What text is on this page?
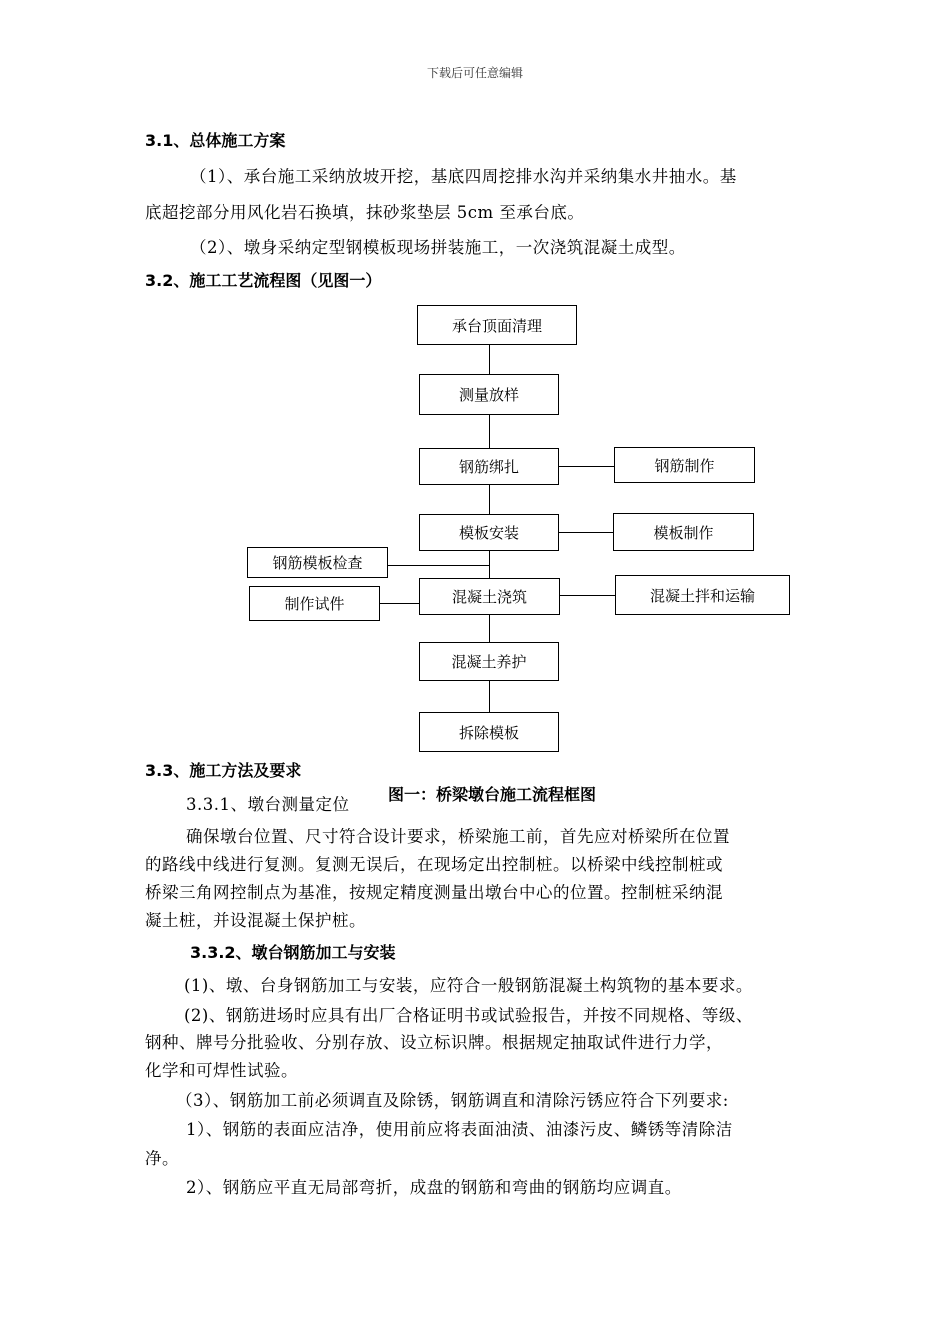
下载后可任意编辑
3.1、总体施工方案
（1）、承台施工采纳放坡开挖，基底四周挖排水沟并采纳集水井抽水。基
底超挖部分用风化岩石换填，抹砂浆垫层 5cm 至承台底。
（2）、墩身采纳定型钢模板现场拼装施工，一次浇筑混凝土成型。
3.2、施工工艺流程图（见图一）
承台顶面清理
测量放样
钢筋绑扎
模板安装
混凝土浇筑
混凝土养护
拆除模板
钢筋制作
模板制作
混凝土拌和运输
钢筋模板检查
制作试件
3.3、施工方法及要求
图一：桥梁墩台施工流程框图
3.3.1、墩台测量定位
确保墩台位置、尺寸符合设计要求，桥梁施工前，首先应对桥梁所在位置
的路线中线进行复测。复测无误后，在现场定出控制桩。以桥梁中线控制桩或
桥梁三角网控制点为基准，按规定精度测量出墩台中心的位置。控制桩采纳混
凝土桩，并设混凝土保护桩。
3.3.2、墩台钢筋加工与安装
(1)、墩、台身钢筋加工与安装，应符合一般钢筋混凝土构筑物的基本要求。
(2)、钢筋进场时应具有出厂合格证明书或试验报告，并按不同规格、等级、
钢种、牌号分批验收、分别存放、设立标识牌。根据规定抽取试件进行力学，
化学和可焊性试验。
（3）、钢筋加工前必须调直及除锈，钢筋调直和清除污锈应符合下列要求:
1）、钢筋的表面应洁净，使用前应将表面油渍、油漆污皮、鳞锈等清除洁
净。
2）、钢筋应平直无局部弯折，成盘的钢筋和弯曲的钢筋均应调直。
